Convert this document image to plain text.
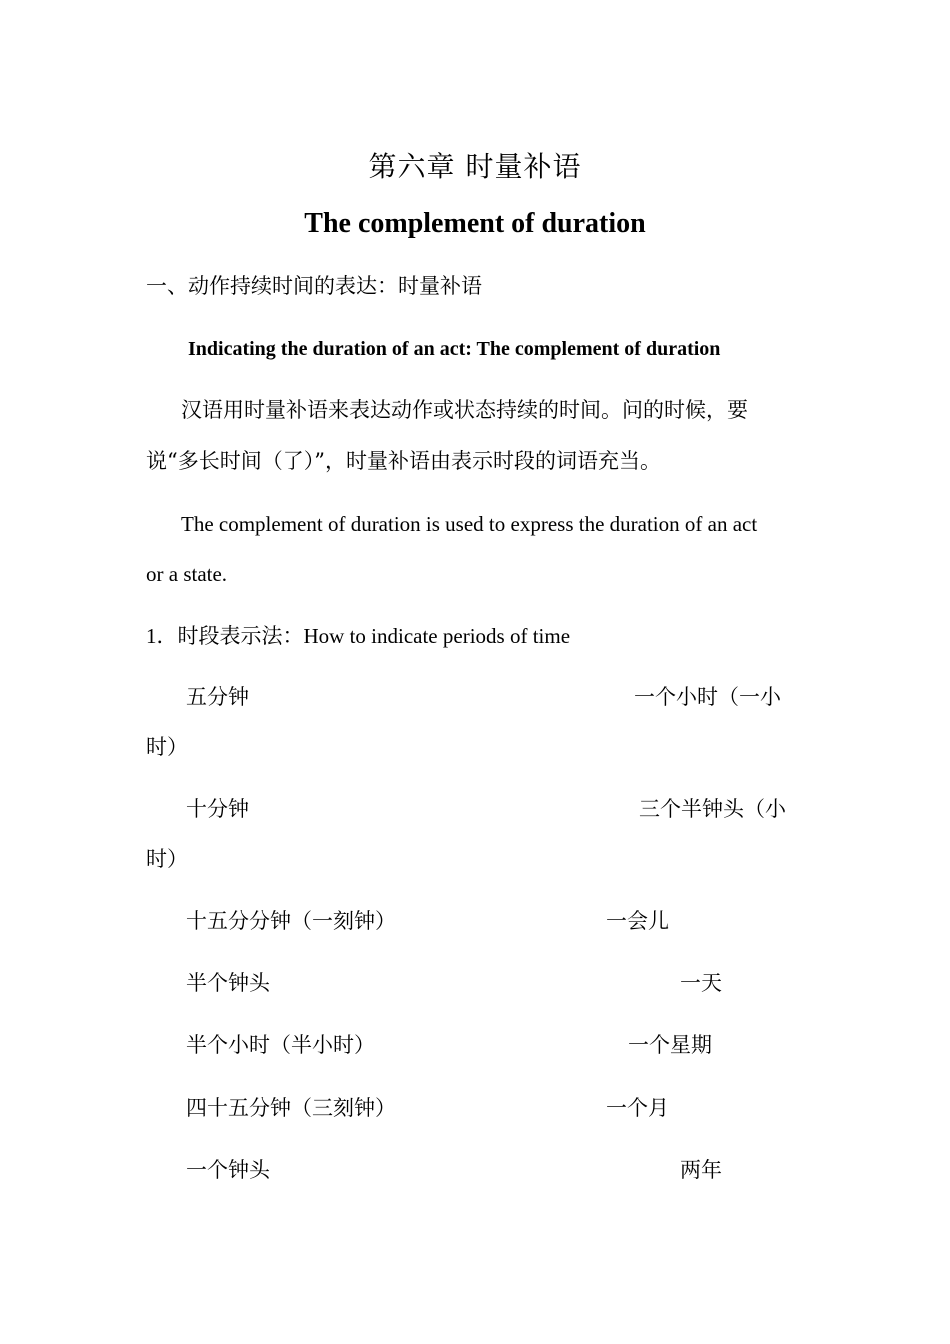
第六章 时量补语
The complement of duration
一、动作持续时间的表达：时量补语
Indicating the duration of an act: The complement of duration
汉语用时量补语来表达动作或状态持续的时间。问的时候，要
说“多长时间（了）”，时量补语由表示时段的词语充当。
The complement of duration is used to express the duration of an act
or a state.
1．时段表示法：How to indicate periods of time
五分钟
十分钟
十五分分钟（一刻钟）
半个钟头
半个小时（半小时）
四十五分钟（三刻钟）
一个钟头
一个小时（一小
时）
三个半钟头（小
时）
一会儿
一天
一个星期
一个月
两年
